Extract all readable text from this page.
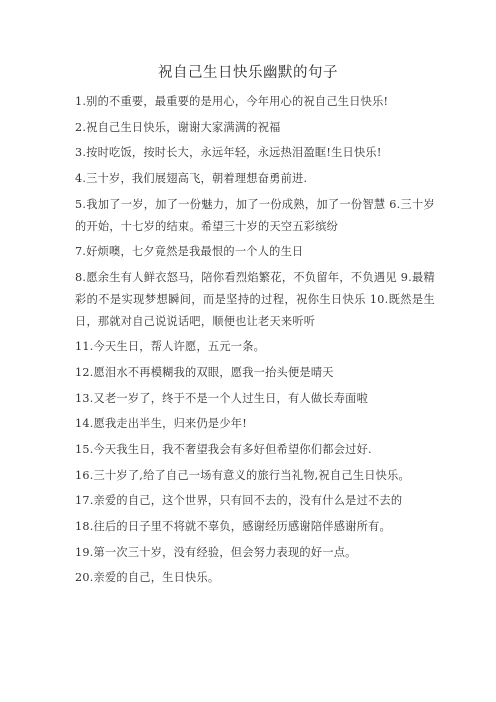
祝自己生日快乐幽默的句子

1.别的不重要，最重要的是用心，今年用心的祝自己生日快乐!

2.祝自己生日快乐，谢谢大家满满的祝福

3.按时吃饭，按时长大，永远年轻，永远热泪盈眶!生日快乐!

4.三十岁，我们展翅高飞，朝着理想奋勇前进.

5.我加了一岁，加了一份魅力，加了一份成熟，加了一份智慧 6.三十岁的开始，十七岁的结束。希望三十岁的天空五彩缤纷

7.好烦噢，七夕竟然是我最恨的一个人的生日

8.愿余生有人鲜衣怒马，陪你看烈焰繁花，不负留年，不负遇见 9.最精彩的不是实现梦想瞬间，而是坚持的过程，祝你生日快乐 10.既然是生日，那就对自己说说话吧，顺便也让老天来听听

11.今天生日，帮人许愿，五元一条。

12.愿泪水不再模糊我的双眼，愿我一抬头便是晴天

13.又老一岁了，终于不是一个人过生日，有人做长寿面啦

14.愿我走出半生，归来仍是少年!

15.今天我生日，我不奢望我会有多好但希望你们都会过好.

16.三十岁了,给了自己一场有意义的旅行当礼物,祝自己生日快乐。

17.亲爱的自己，这个世界，只有回不去的，没有什么是过不去的

18.往后的日子里不将就不辜负，感谢经历感谢陪伴感谢所有。

19.第一次三十岁，没有经验，但会努力表现的好一点。

20.亲爱的自己，生日快乐。
